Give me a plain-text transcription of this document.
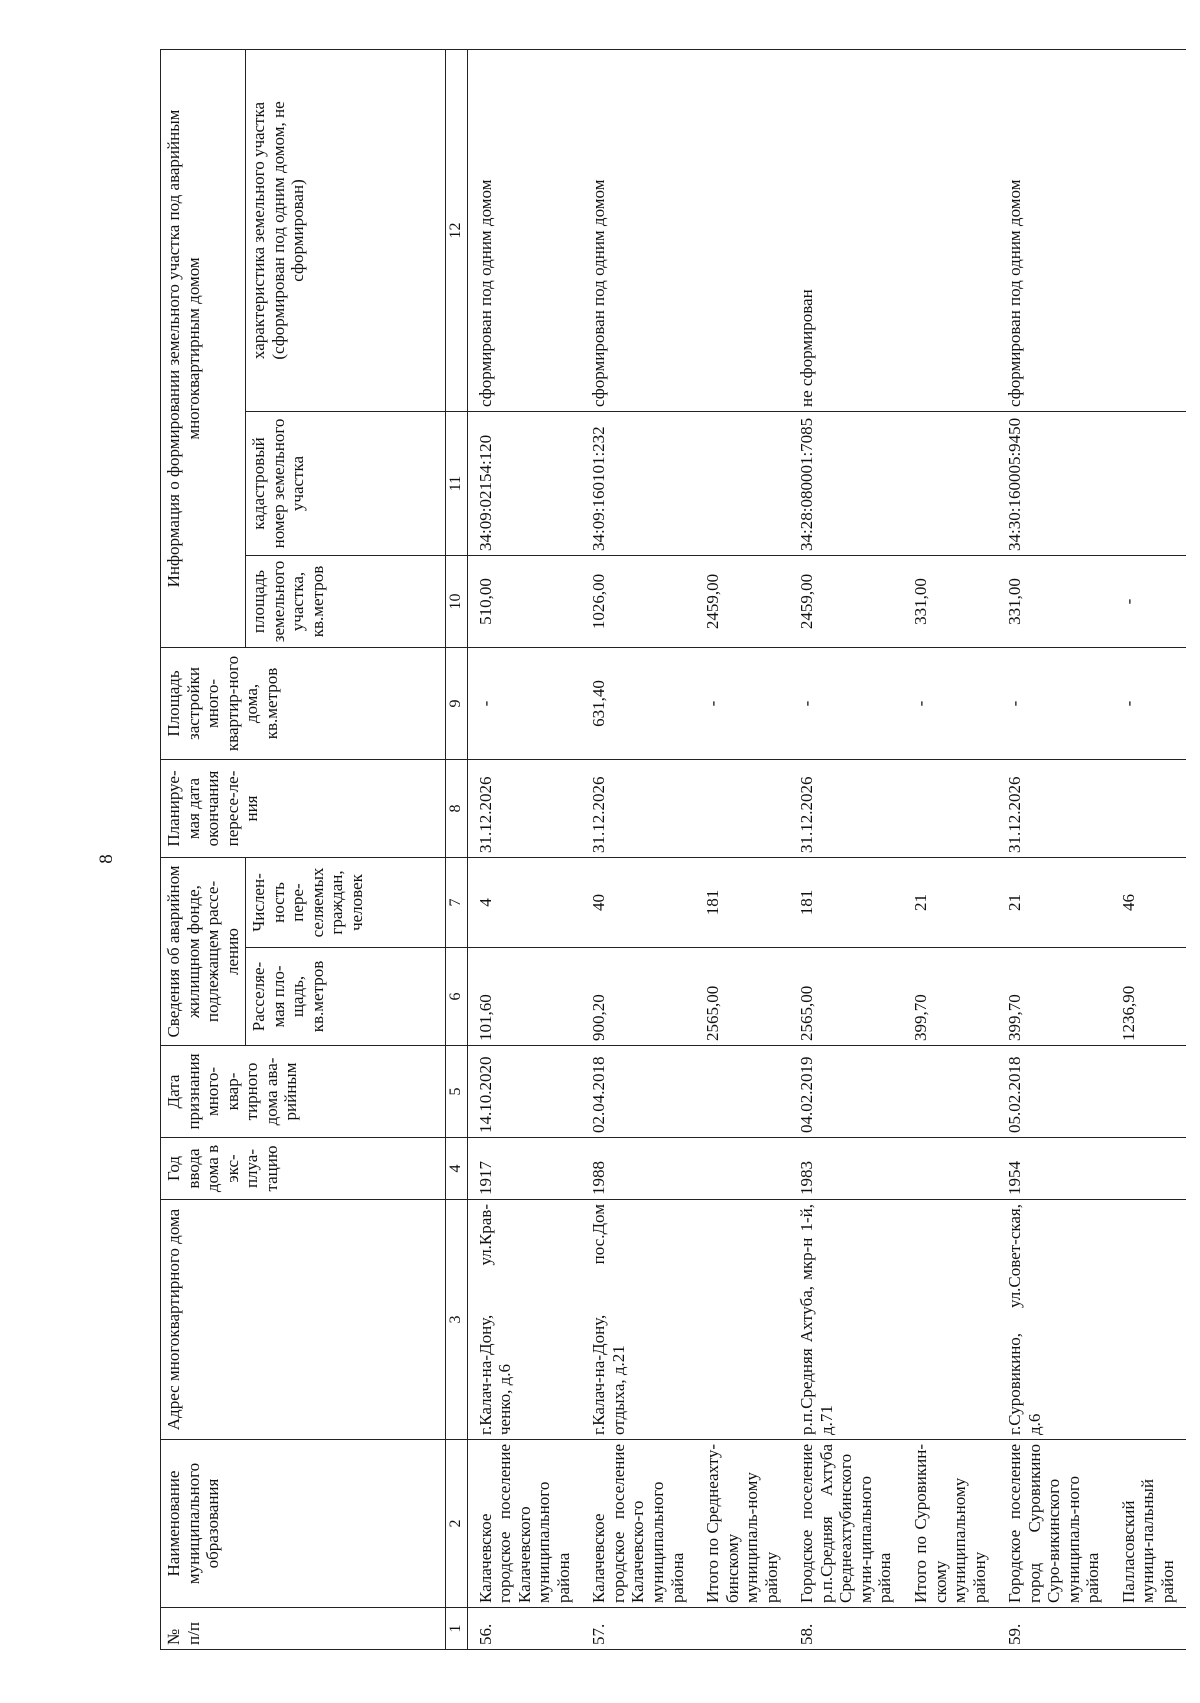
8
№
п/п	Наименование муниципального образования	Адрес многоквартирного дома	Год ввода дома в экс-плуа-тацию	Дата признания много-квар-тирного дома ава-рийным	Сведения об аварийном жилищном фонде, подлежащем рассе-лению		Планируе-мая дата окончания пересе-ле-ния	Площадь застройки много-квартир-ного дома, кв.метров	Информация о формировании земельного участка под аварийным многоквартирным домом		
					Расселяе-мая пло-щадь, кв.метров	Числен-ность пере-селяемых граждан, человек			площадь земельного участка, кв.метров	кадастровый номер земельного участка	характеристика земельного участка (сформирован под одним домом, не сформирован)
1	2	3	4	5	6	7	8	9	10	11	12
56.	Калачевское городское поселение Калачевского муниципального района	г.Калач-на-Дону, ул.Крав-ченко, д.6	1917	14.10.2020	101,60	4	31.12.2026	-	510,00	34:09:02154:120	сформирован под одним домом
57.	Калачевское городское поселение Калачевско-го муниципального района	г.Калач-на-Дону, пос.Дом отдыха, д.21	1988	02.04.2018	900,20	40	31.12.2026	631,40	1026,00	34:09:160101:232	сформирован под одним домом
	Итого по Среднеахту-бинскому муниципаль-ному району				2565,00	181		-	2459,00		
58.	Городское поселение р.п.Средняя Ахтуба Среднеахтубинского муни-ципального района	р.п.Средняя Ахтуба, мкр-н 1-й, д.71	1983	04.02.2019	2565,00	181	31.12.2026	-	2459,00	34:28:080001:7085	не сформирован
	Итого по Суровикин-скому муниципальному району				399,70	21		-	331,00		
59.	Городское поселение город Суровикино Суро-викинского муниципаль-ного района	г.Суровикино, ул.Совет-ская, д.6	1954	05.02.2018	399,70	21	31.12.2026	-	331,00	34:30:160005:9450	сформирован под одним домом
	Палласовский муници-пальный район				1236,90	46		-	-		
